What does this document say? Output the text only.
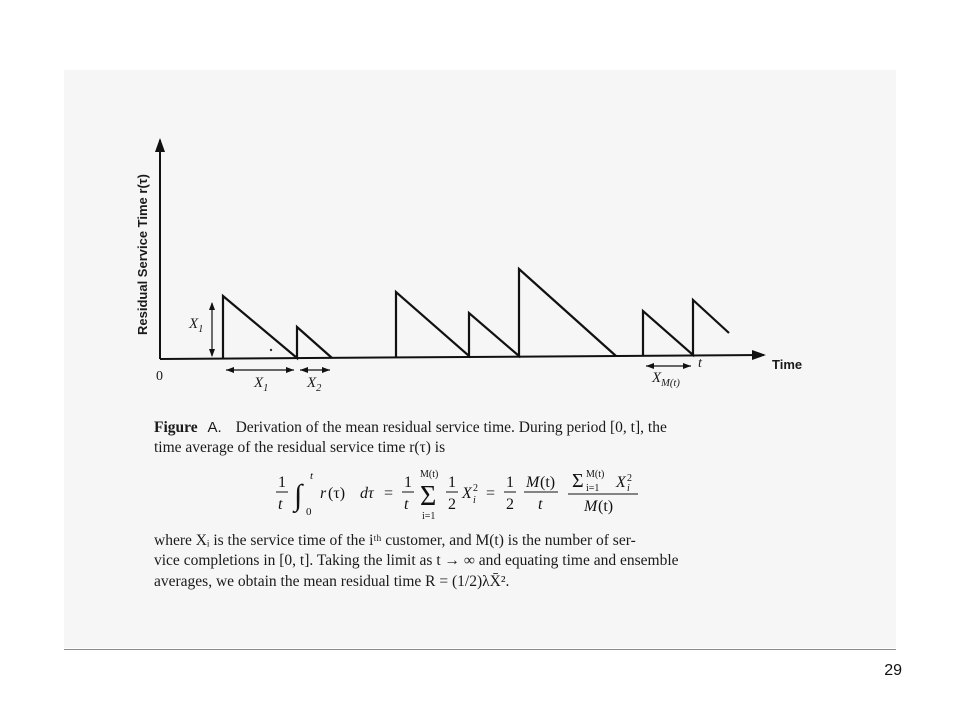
Residual Service Time r(τ)
0
Time
$X_1$
$X_1$	$X_2$
t
$X_{M(t)}$
Figure A. Derivation of the mean residual service time. During period [0, t], the
time average of the residual service time r(τ) is
1
t ∫
t
0
r (τ) dτ =
1
t Σ
M(t)
i=1
1
2
X 2
i =
1
2
M (t)
t
Σ M(t)
i=1 X 2
i
M (t)
where Xᵢ is the service time of the iᵗʰ customer, and M(t) is the number of ser-
vice completions in [0, t]. Taking the limit as t → ∞ and equating time and ensemble
averages, we obtain the mean residual time R = (1/2)λX̄².
29
